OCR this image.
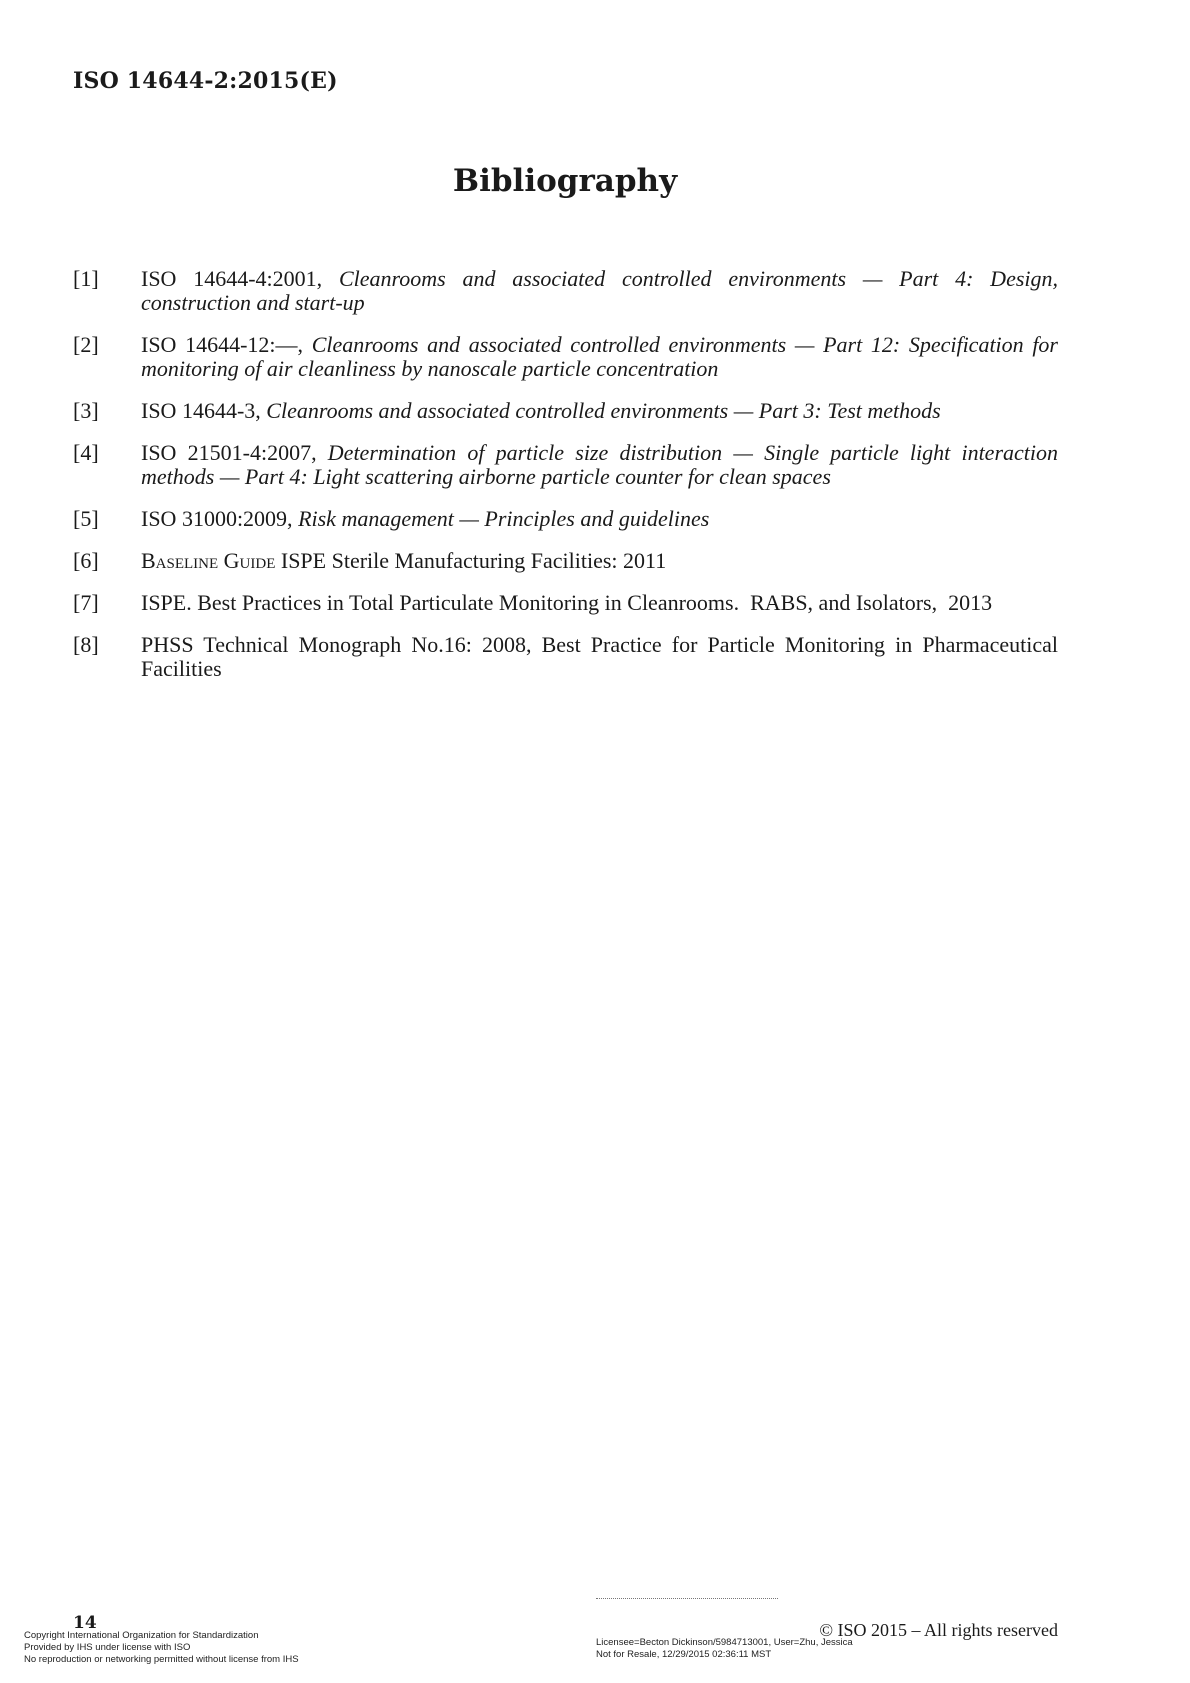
ISO 14644-2:2015(E)
Bibliography
[1]	ISO 14644-4:2001, Cleanrooms and associated controlled environments — Part 4: Design, construction and start-up
[2]	ISO 14644-12:—, Cleanrooms and associated controlled environments — Part 12: Specification for monitoring of air cleanliness by nanoscale particle concentration
[3]	ISO 14644-3, Cleanrooms and associated controlled environments — Part 3: Test methods
[4]	ISO 21501-4:2007, Determination of particle size distribution — Single particle light interaction methods — Part 4: Light scattering airborne particle counter for clean spaces
[5]	ISO 31000:2009, Risk management — Principles and guidelines
[6]	Baseline Guide ISPE Sterile Manufacturing Facilities: 2011
[7]	ISPE. Best Practices in Total Particulate Monitoring in Cleanrooms.  RABS, and Isolators,  2013
[8]	PHSS Technical Monograph No.16: 2008, Best Practice for Particle Monitoring in Pharmaceutical Facilities
14	© ISO 2015 – All rights reserved
Copyright International Organization for Standardization
Provided by IHS under license with ISO
No reproduction or networking permitted without license from IHS
Licensee=Becton Dickinson/5984713001, User=Zhu, Jessica
Not for Resale, 12/29/2015 02:36:11 MST
